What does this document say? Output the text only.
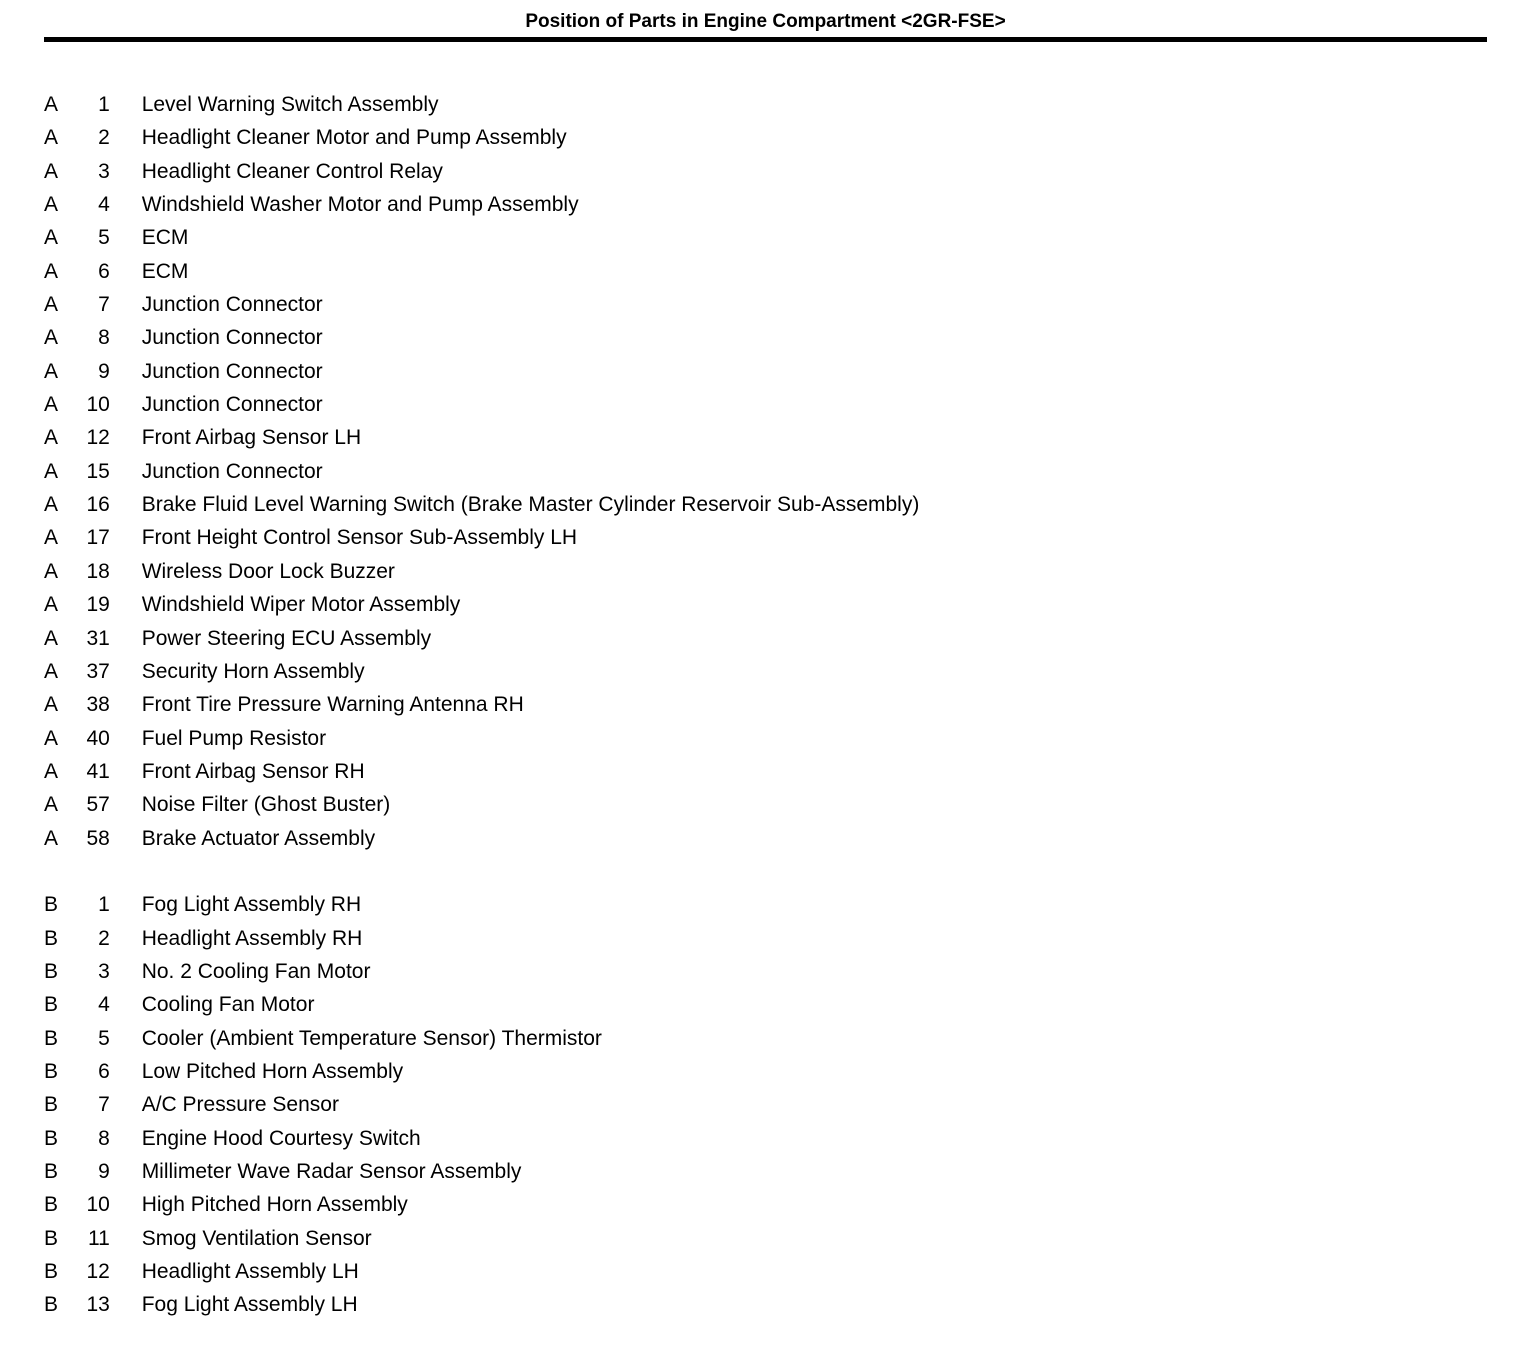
Position of Parts in Engine Compartment <2GR-FSE>
A 1 Level Warning Switch Assembly
A 2 Headlight Cleaner Motor and Pump Assembly
A 3 Headlight Cleaner Control Relay
A 4 Windshield Washer Motor and Pump Assembly
A 5 ECM
A 6 ECM
A 7 Junction Connector
A 8 Junction Connector
A 9 Junction Connector
A 10 Junction Connector
A 12 Front Airbag Sensor LH
A 15 Junction Connector
A 16 Brake Fluid Level Warning Switch (Brake Master Cylinder Reservoir Sub-Assembly)
A 17 Front Height Control Sensor Sub-Assembly LH
A 18 Wireless Door Lock Buzzer
A 19 Windshield Wiper Motor Assembly
A 31 Power Steering ECU Assembly
A 37 Security Horn Assembly
A 38 Front Tire Pressure Warning Antenna RH
A 40 Fuel Pump Resistor
A 41 Front Airbag Sensor RH
A 57 Noise Filter (Ghost Buster)
A 58 Brake Actuator Assembly
B 1 Fog Light Assembly RH
B 2 Headlight Assembly RH
B 3 No. 2 Cooling Fan Motor
B 4 Cooling Fan Motor
B 5 Cooler (Ambient Temperature Sensor) Thermistor
B 6 Low Pitched Horn Assembly
B 7 A/C Pressure Sensor
B 8 Engine Hood Courtesy Switch
B 9 Millimeter Wave Radar Sensor Assembly
B 10 High Pitched Horn Assembly
B 11 Smog Ventilation Sensor
B 12 Headlight Assembly LH
B 13 Fog Light Assembly LH
